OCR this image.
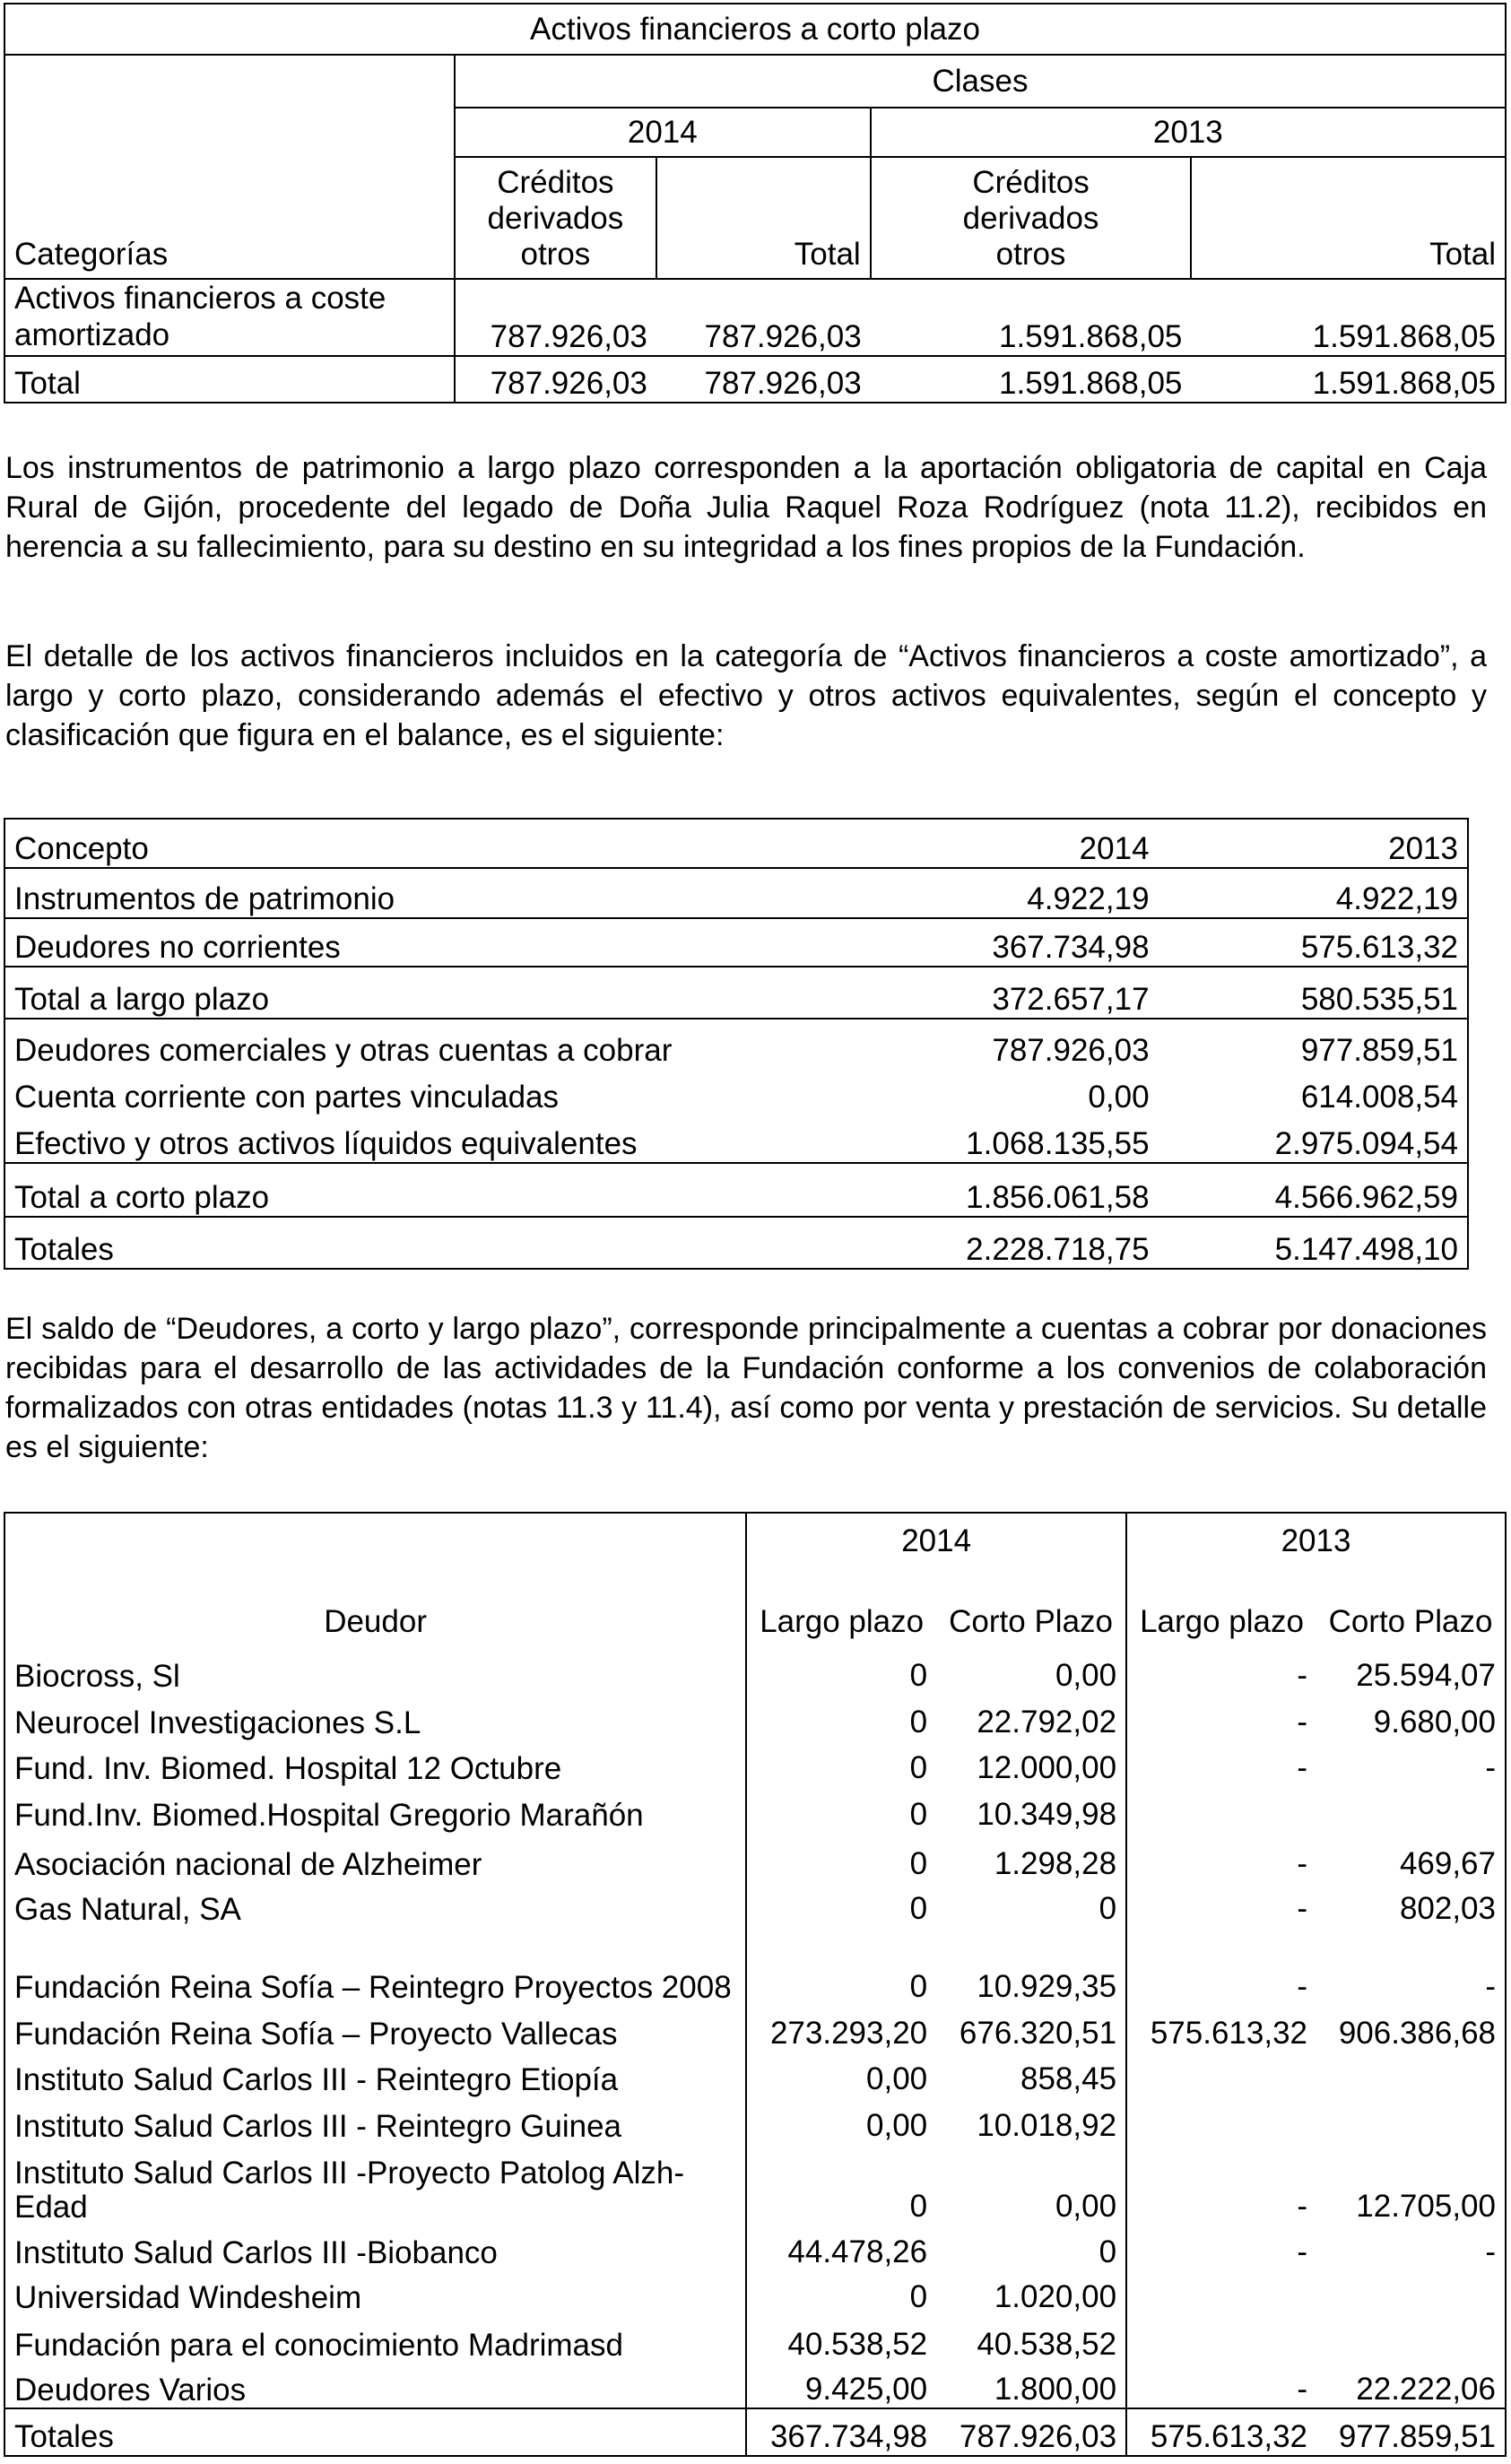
Activos financieros a corto plazo				
Categorías	Clases			
	2014		2013	
	Créditos derivados otros	Total	Créditos derivados otros	Total
Activos financieros a coste amortizado	787.926,03	787.926,03	1.591.868,05	1.591.868,05
Total	787.926,03	787.926,03	1.591.868,05	1.591.868,05

Los instrumentos de patrimonio a largo plazo corresponden a la aportación obligatoria de capital en Caja Rural de Gijón, procedente del legado de Doña Julia Raquel Roza Rodríguez (nota 11.2), recibidos en herencia a su fallecimiento, para su destino en su integridad a los fines propios de la Fundación.

El detalle de los activos financieros incluidos en la categoría de “Activos financieros a coste amortizado”, a largo y corto plazo, considerando además el efectivo y otros activos equivalentes, según el concepto y clasificación que figura en el balance, es el siguiente:

Concepto	2014	2013
Instrumentos de patrimonio	4.922,19	4.922,19
Deudores no corrientes	367.734,98	575.613,32
Total a largo plazo	372.657,17	580.535,51
Deudores comerciales y otras cuentas a cobrar	787.926,03	977.859,51
Cuenta corriente con partes vinculadas	0,00	614.008,54
Efectivo y otros activos líquidos equivalentes	1.068.135,55	2.975.094,54
Total a corto plazo	1.856.061,58	4.566.962,59
Totales	2.228.718,75	5.147.498,10

El saldo de “Deudores, a corto y largo plazo”, corresponde principalmente a cuentas a cobrar por donaciones recibidas para el desarrollo de las actividades de la Fundación conforme a los convenios de colaboración formalizados con otras entidades (notas 11.3 y 11.4), así como por venta y prestación de servicios. Su detalle es el siguiente:

Deudor	2014		2013	
	Largo plazo	Corto Plazo	Largo plazo	Corto Plazo
Biocross, Sl	0	0,00	-	25.594,07
Neurocel Investigaciones S.L	0	22.792,02	-	9.680,00
Fund. Inv. Biomed. Hospital 12 Octubre	0	12.000,00	-	-
Fund.Inv. Biomed.Hospital Gregorio Marañón	0	10.349,98		
Asociación nacional de Alzheimer	0	1.298,28	-	469,67
Gas Natural, SA	0	0	-	802,03
Fundación Reina Sofía – Reintegro Proyectos 2008	0	10.929,35	-	-
Fundación Reina Sofía – Proyecto Vallecas	273.293,20	676.320,51	575.613,32	906.386,68
Instituto Salud Carlos III - Reintegro Etiopía	0,00	858,45		
Instituto Salud Carlos III - Reintegro Guinea	0,00	10.018,92		
Instituto Salud Carlos III -Proyecto Patolog Alzh-Edad	0	0,00	-	12.705,00
Instituto Salud Carlos III -Biobanco	44.478,26	0	-	-
Universidad Windesheim	0	1.020,00		
Fundación para el conocimiento Madrimasd	40.538,52	40.538,52		
Deudores Varios	9.425,00	1.800,00	-	22.222,06
Totales	367.734,98	787.926,03	575.613,32	977.859,51
